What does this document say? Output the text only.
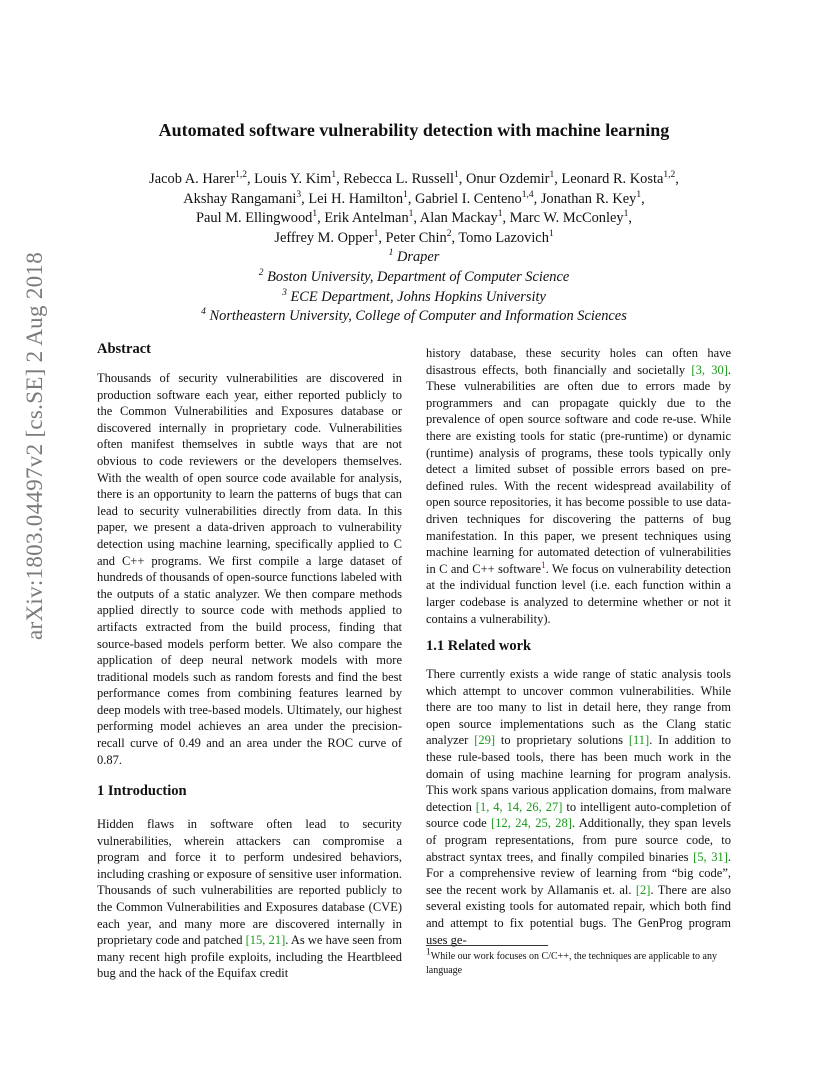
arXiv:1803.04497v2 [cs.SE] 2 Aug 2018
Automated software vulnerability detection with machine learning
Jacob A. Harer$^{1,2}$, Louis Y. Kim$^1$, Rebecca L. Russell$^1$, Onur Ozdemir$^1$, Leonard R. Kosta$^{1,2}$,
Akshay Rangamani$^3$, Lei H. Hamilton$^1$, Gabriel I. Centeno$^{1,4}$, Jonathan R. Key$^1$,
Paul M. Ellingwood$^1$, Erik Antelman$^1$, Alan Mackay$^1$, Marc W. McConley$^1$,
Jeffrey M. Opper$^1$, Peter Chin$^2$, Tomo Lazovich$^1$
$^1$ Draper
$^2$ Boston University, Department of Computer Science
$^3$ ECE Department, Johns Hopkins University
$^4$ Northeastern University, College of Computer and Information Sciences
Abstract

Thousands of security vulnerabilities are discovered in production software each year, either reported publicly to the Common Vulnerabilities and Exposures database or discovered internally in proprietary code. Vulnerabilities often manifest themselves in subtle ways that are not obvious to code reviewers or the developers themselves. With the wealth of open source code available for analysis, there is an opportunity to learn the patterns of bugs that can lead to security vulnerabilities directly from data. In this paper, we present a data-driven approach to vulnerability detection using machine learning, specifically applied to C and C++ programs. We first compile a large dataset of hundreds of thousands of open-source functions labeled with the outputs of a static analyzer. We then compare methods applied directly to source code with methods applied to artifacts extracted from the build process, finding that source-based models perform better. We also compare the application of deep neural network models with more traditional models such as random forests and find the best performance comes from combining features learned by deep models with tree-based models. Ultimately, our highest performing model achieves an area under the precision-recall curve of 0.49 and an area under the ROC curve of 0.87.

1 Introduction

Hidden flaws in software often lead to security vulnerabilities, wherein attackers can compromise a program and force it to perform undesired behaviors, including crashing or exposure of sensitive user information. Thousands of such vulnerabilities are reported publicly to the Common Vulnerabilities and Exposures database (CVE) each year, and many more are discovered internally in proprietary code and patched [15, 21]. As we have seen from many recent high profile exploits, including the Heartbleed bug and the hack of the Equifax credit

history database, these security holes can often have disastrous effects, both financially and societally [3, 30]. These vulnerabilities are often due to errors made by programmers and can propagate quickly due to the prevalence of open source software and code re-use. While there are existing tools for static (pre-runtime) or dynamic (runtime) analysis of programs, these tools typically only detect a limited subset of possible errors based on pre-defined rules. With the recent widespread availability of open source repositories, it has become possible to use data-driven techniques for discovering the patterns of bug manifestation. In this paper, we present techniques using machine learning for automated detection of vulnerabilities in C and C++ software$^1$. We focus on vulnerability detection at the individual function level (i.e. each function within a larger codebase is analyzed to determine whether or not it contains a vulnerability).

1.1 Related work

There currently exists a wide range of static analysis tools which attempt to uncover common vulnerabilities. While there are too many to list in detail here, they range from open source implementations such as the Clang static analyzer [29] to proprietary solutions [11]. In addition to these rule-based tools, there has been much work in the domain of using machine learning for program analysis. This work spans various application domains, from malware detection [1, 4, 14, 26, 27] to intelligent auto-completion of source code [12, 24, 25, 28]. Additionally, they span levels of program representations, from pure source code, to abstract syntax trees, and finally compiled binaries [5, 31]. For a comprehensive review of learning from “big code”, see the recent work by Allamanis et. al. [2]. There are also several existing tools for automated repair, which both find and attempt to fix potential bugs. The GenProg program uses ge-

$^1$While our work focuses on C/C++, the techniques are applicable to any language
